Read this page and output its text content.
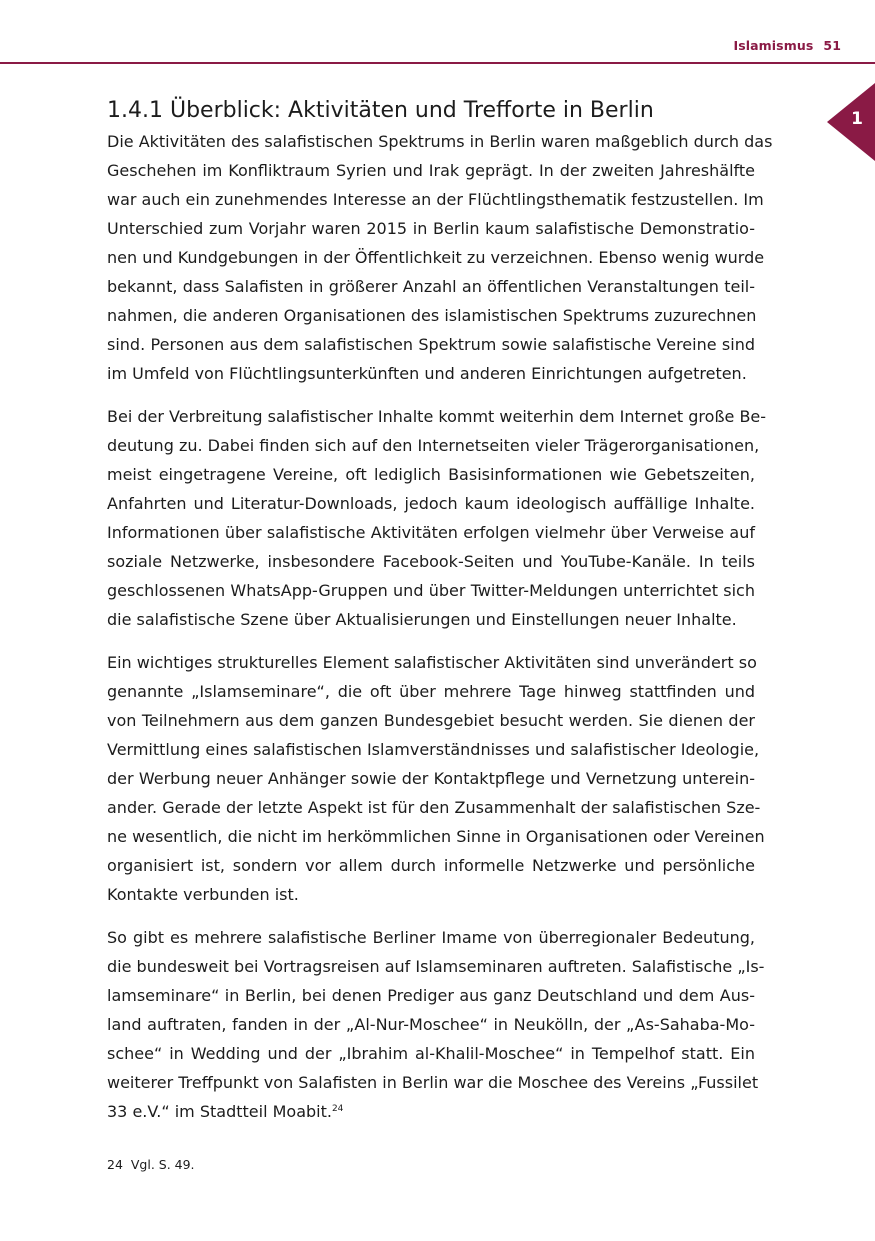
Islamismus 51
1
1.4.1 Überblick: Aktivitäten und Trefforte in Berlin
Die Aktivitäten des salafistischen Spektrums in Berlin waren maßgeblich durch das
Geschehen im Konfliktraum Syrien und Irak geprägt. In der zweiten Jahreshälfte
war auch ein zunehmendes Interesse an der Flüchtlingsthematik festzustellen. Im
Unterschied zum Vorjahr waren 2015 in Berlin kaum salafistische Demonstratio-
nen und Kundgebungen in der Öffentlichkeit zu verzeichnen. Ebenso wenig wurde
bekannt, dass Salafisten in größerer Anzahl an öffentlichen Veranstaltungen teil-
nahmen, die anderen Organisationen des islamistischen Spektrums zuzurechnen
sind. Personen aus dem salafistischen Spektrum sowie salafistische Vereine sind
im Umfeld von Flüchtlingsunterkünften und anderen Einrichtungen aufgetreten.
Bei der Verbreitung salafistischer Inhalte kommt weiterhin dem Internet große Be-
deutung zu. Dabei finden sich auf den Internetseiten vieler Trägerorganisationen,
meist eingetragene Vereine, oft lediglich Basisinformationen wie Gebetszeiten,
Anfahrten und Literatur-Downloads, jedoch kaum ideologisch auffällige Inhalte.
Informationen über salafistische Aktivitäten erfolgen vielmehr über Verweise auf
soziale Netzwerke, insbesondere Facebook-Seiten und YouTube-Kanäle. In teils
geschlossenen WhatsApp-Gruppen und über Twitter-Meldungen unterrichtet sich
die salafistische Szene über Aktualisierungen und Einstellungen neuer Inhalte.
Ein wichtiges strukturelles Element salafistischer Aktivitäten sind unverändert so
genannte „Islamseminare“, die oft über mehrere Tage hinweg stattfinden und
von Teilnehmern aus dem ganzen Bundesgebiet besucht werden. Sie dienen der
Vermittlung eines salafistischen Islamverständnisses und salafistischer Ideologie,
der Werbung neuer Anhänger sowie der Kontaktpflege und Vernetzung unterein-
ander. Gerade der letzte Aspekt ist für den Zusammenhalt der salafistischen Sze-
ne wesentlich, die nicht im herkömmlichen Sinne in Organisationen oder Vereinen
organisiert ist, sondern vor allem durch informelle Netzwerke und persönliche
Kontakte verbunden ist.
So gibt es mehrere salafistische Berliner Imame von überregionaler Bedeutung,
die bundesweit bei Vortragsreisen auf Islamseminaren auftreten. Salafistische „Is-
lamseminare“ in Berlin, bei denen Prediger aus ganz Deutschland und dem Aus-
land auftraten, fanden in der „Al-Nur-Moschee“ in Neukölln, der „As-Sahaba-Mo-
schee“ in Wedding und der „Ibrahim al-Khalil-Moschee“ in Tempelhof statt. Ein
weiterer Treffpunkt von Salafisten in Berlin war die Moschee des Vereins „Fussilet
33 e.V.“ im Stadtteil Moabit.$^{24}$
24 Vgl. S. 49.
